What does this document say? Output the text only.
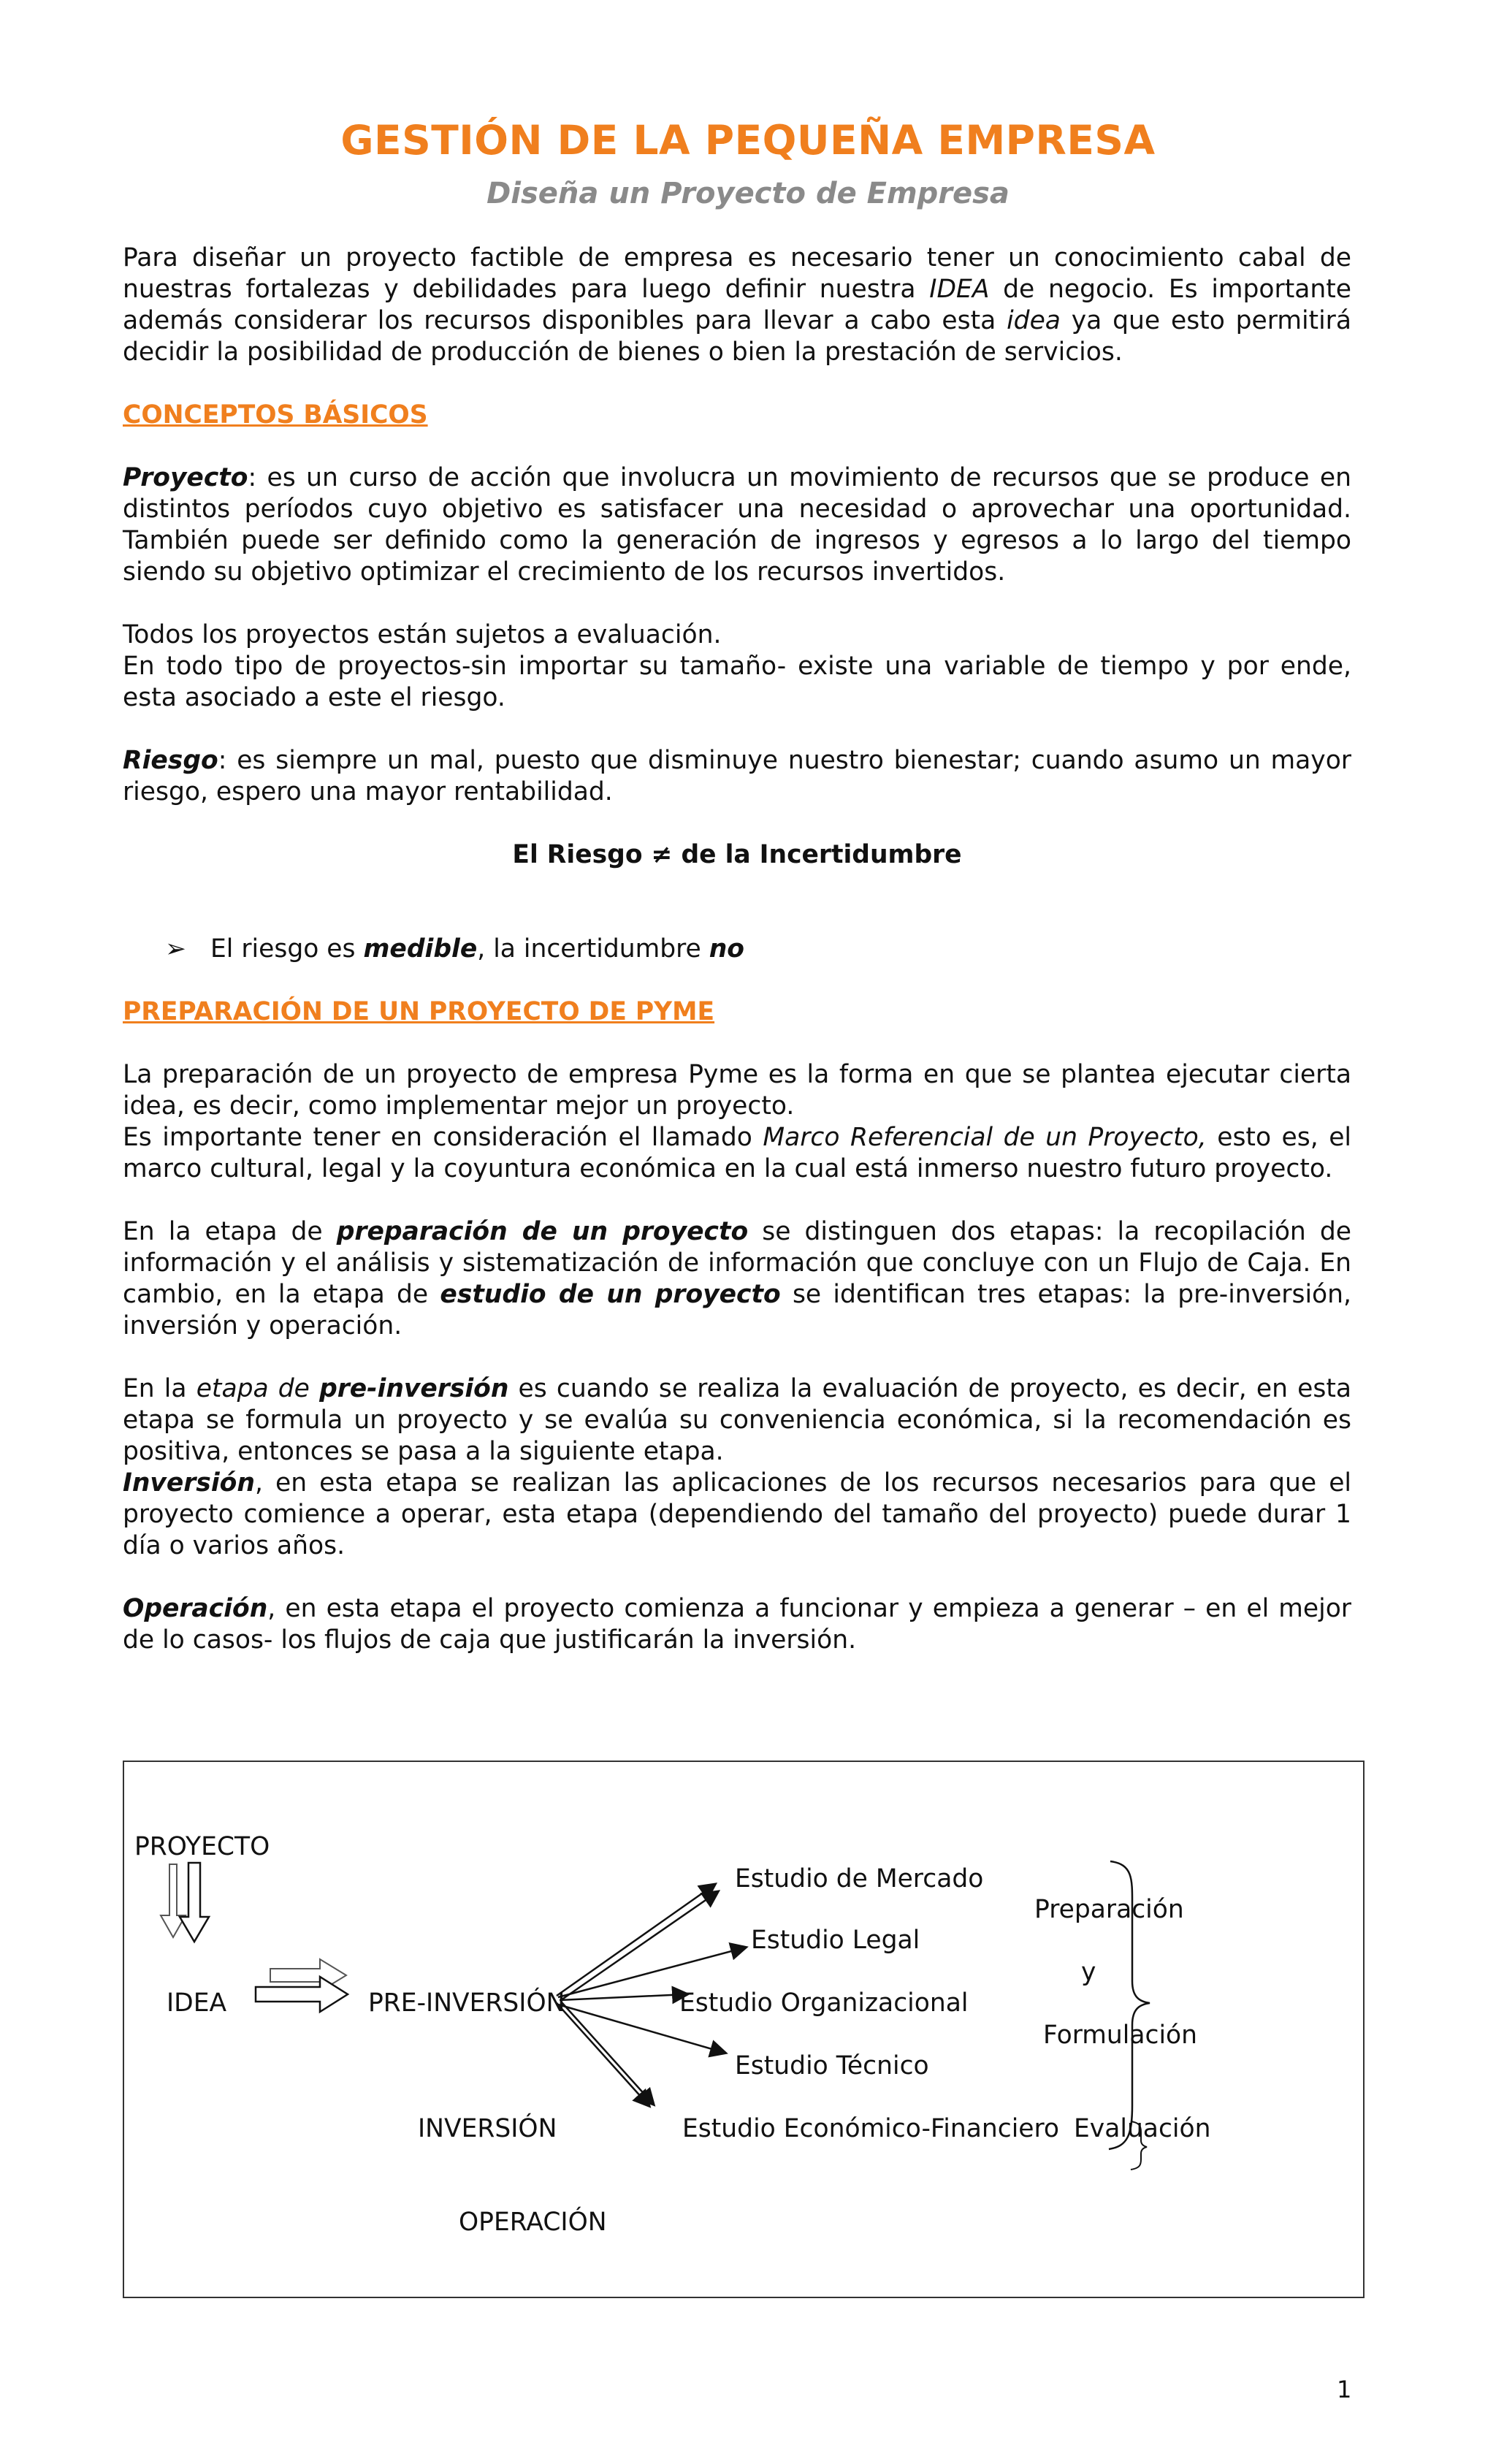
GESTIÓN DE LA PEQUEÑA EMPRESA
Diseña un Proyecto de Empresa

Para diseñar un proyecto factible de empresa es necesario tener un conocimiento cabal de nuestras fortalezas y debilidades para luego definir nuestra IDEA de negocio. Es importante además considerar los recursos disponibles para llevar a cabo esta idea ya que esto permitirá decidir la posibilidad de producción de bienes o bien la prestación de servicios.

CONCEPTOS BÁSICOS

Proyecto: es un curso de acción que involucra un movimiento de recursos que se produce en distintos períodos cuyo objetivo es satisfacer una necesidad o aprovechar una oportunidad. También puede ser definido como la generación de ingresos y egresos a lo largo del tiempo siendo su objetivo optimizar el crecimiento de los recursos invertidos.

Todos los proyectos están sujetos a evaluación.

En todo tipo de proyectos-sin importar su tamaño- existe una variable de tiempo y por ende, esta asociado a este el riesgo.

Riesgo: es siempre un mal, puesto que disminuye nuestro bienestar; cuando asumo un mayor riesgo, espero una mayor rentabilidad.

El Riesgo ≠ de la Incertidumbre

➢ El riesgo es medible, la incertidumbre no

PREPARACIÓN DE UN PROYECTO DE PYME

La preparación de un proyecto de empresa Pyme es la forma en que se plantea ejecutar cierta idea, es decir, como implementar mejor un proyecto.

Es importante tener en consideración el llamado Marco Referencial de un Proyecto, esto es, el marco cultural, legal y la coyuntura económica en la cual está inmerso nuestro futuro proyecto.

En la etapa de preparación de un proyecto se distinguen dos etapas: la recopilación de información y el análisis y sistematización de información que concluye con un Flujo de Caja. En cambio, en la etapa de estudio de un proyecto se identifican tres etapas: la pre-inversión, inversión y operación.

En la etapa de pre-inversión es cuando se realiza la evaluación de proyecto, es decir, en esta etapa se formula un proyecto y se evalúa su conveniencia económica, si la recomendación es positiva, entonces se pasa a la siguiente etapa.

Inversión, en esta etapa se realizan las aplicaciones de los recursos necesarios para que el proyecto comience a operar, esta etapa (dependiendo del tamaño del proyecto) puede durar 1 día o varios años.

Operación, en esta etapa el proyecto comienza a funcionar y empieza a generar – en el mejor de lo casos- los flujos de caja que justificarán la inversión.

PROYECTO
IDEA	PRE-INVERSIÓN
INVERSIÓN
OPERACIÓN
Estudio de Mercado
Estudio Legal
Estudio Organizacional
Estudio Técnico
Estudio Económico-Financiero
Preparación
y
Formulación
Evaluación
1
